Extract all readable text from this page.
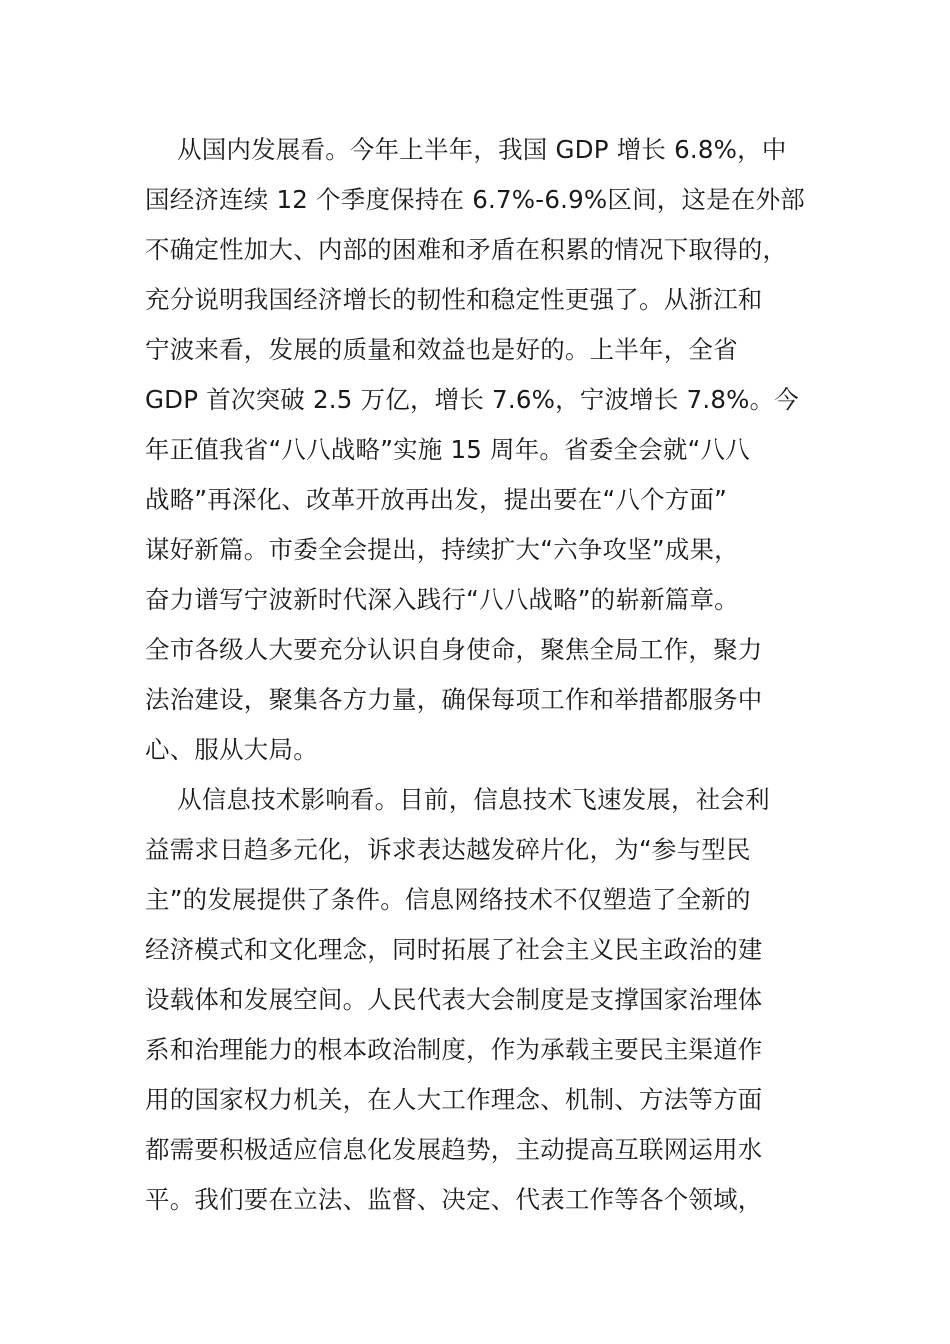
从国内发展看。今年上半年，我国 GDP 增长 6.8%，中
国经济连续 12 个季度保持在 6.7%-6.9%区间，这是在外部
不确定性加大、内部的困难和矛盾在积累的情况下取得的，
充分说明我国经济增长的韧性和稳定性更强了。从浙江和
宁波来看，发展的质量和效益也是好的。上半年，全省
GDP 首次突破 2.5 万亿，增长 7.6%，宁波增长 7.8%。今
年正值我省“八八战略”实施 15 周年。省委全会就“八八
战略”再深化、改革开放再出发，提出要在“八个方面”
谋好新篇。市委全会提出，持续扩大“六争攻坚”成果，
奋力谱写宁波新时代深入践行“八八战略”的崭新篇章。
全市各级人大要充分认识自身使命，聚焦全局工作，聚力
法治建设，聚集各方力量，确保每项工作和举措都服务中
心、服从大局。
从信息技术影响看。目前，信息技术飞速发展，社会利
益需求日趋多元化，诉求表达越发碎片化，为“参与型民
主”的发展提供了条件。信息网络技术不仅塑造了全新的
经济模式和文化理念，同时拓展了社会主义民主政治的建
设载体和发展空间。人民代表大会制度是支撑国家治理体
系和治理能力的根本政治制度，作为承载主要民主渠道作
用的国家权力机关，在人大工作理念、机制、方法等方面
都需要积极适应信息化发展趋势，主动提高互联网运用水
平。我们要在立法、监督、决定、代表工作等各个领域，
